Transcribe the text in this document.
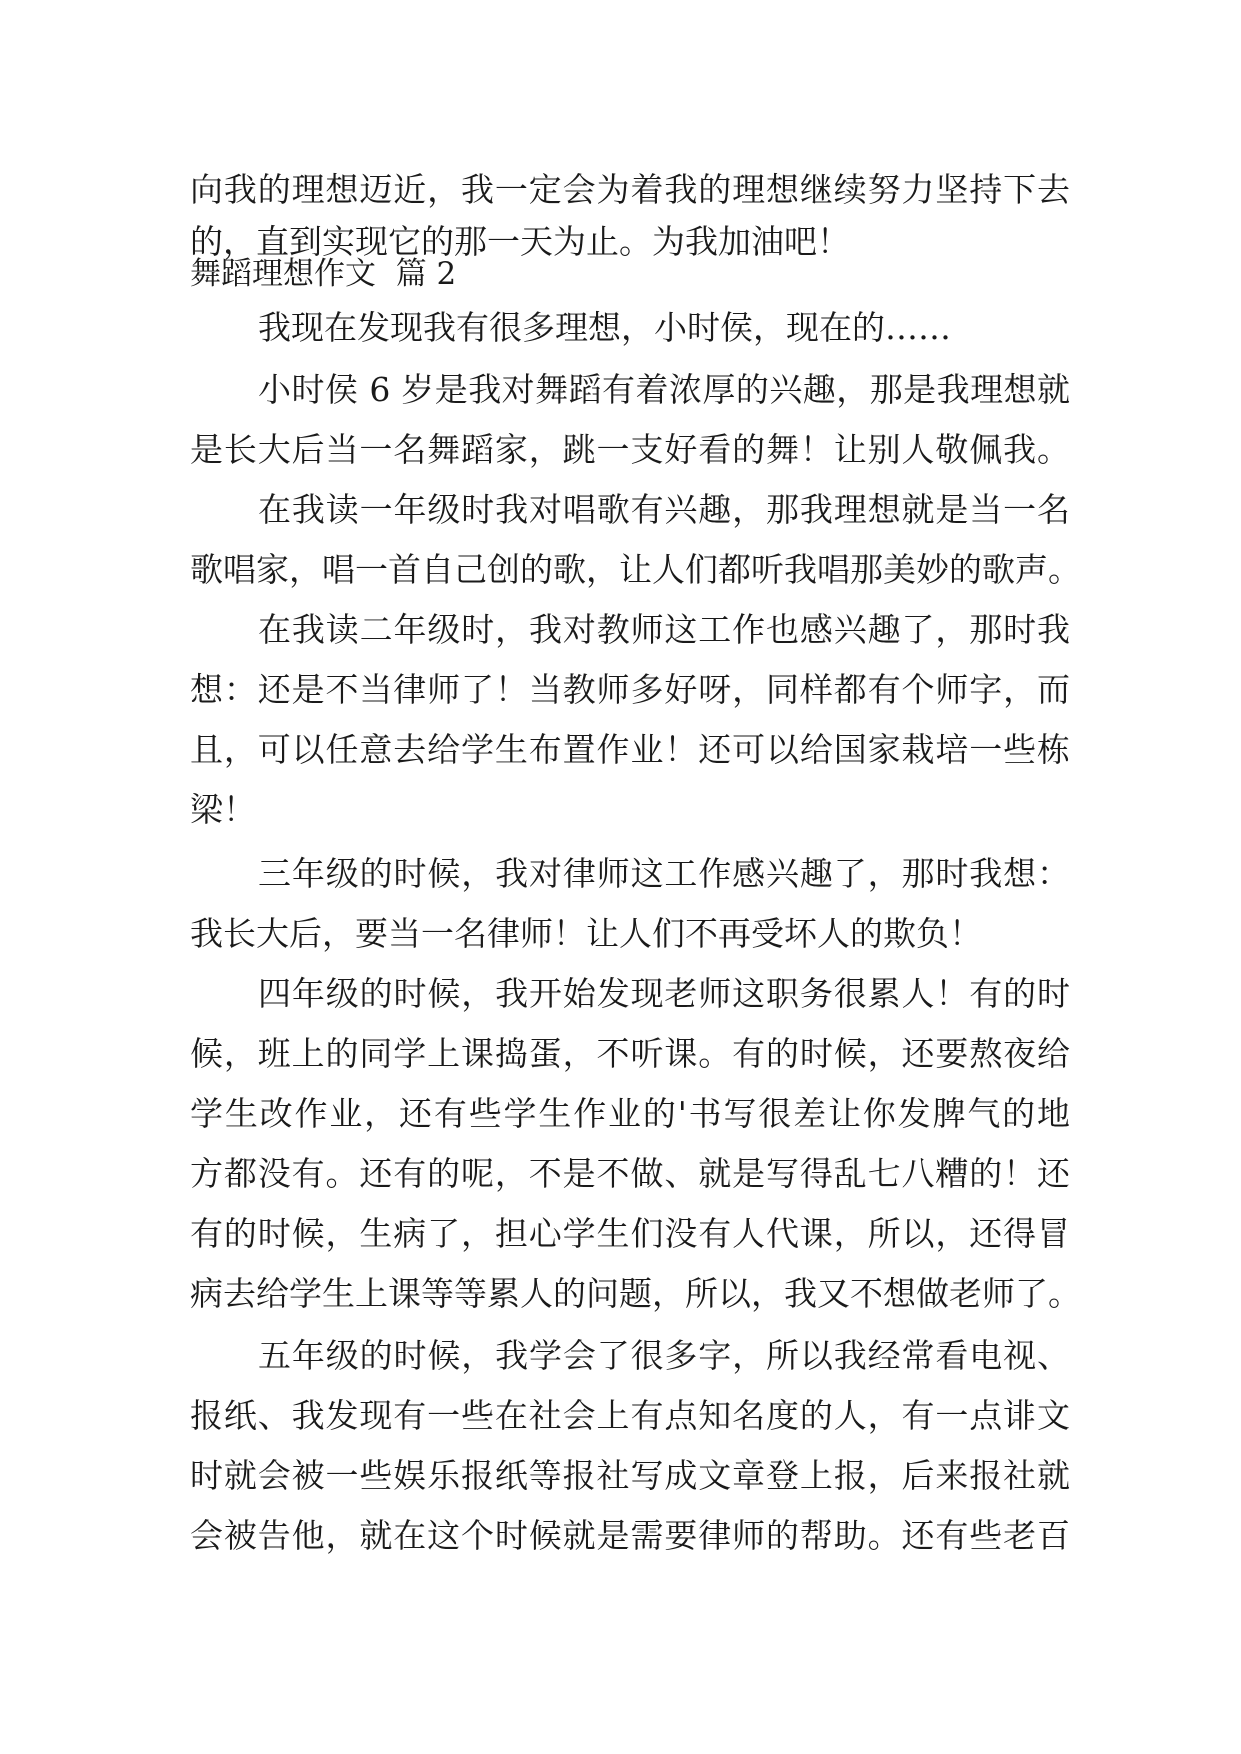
向我的理想迈近，我一定会为着我的理想继续努力坚持下去
的，直到实现它的那一天为止。为我加油吧！
舞蹈理想作文  篇 2
我现在发现我有很多理想，小时侯，现在的……
小时侯 6 岁是我对舞蹈有着浓厚的兴趣，那是我理想就
是长大后当一名舞蹈家，跳一支好看的舞！让别人敬佩我。
在我读一年级时我对唱歌有兴趣，那我理想就是当一名
歌唱家，唱一首自己创的歌，让人们都听我唱那美妙的歌声。
在我读二年级时，我对教师这工作也感兴趣了，那时我
想：还是不当律师了！当教师多好呀，同样都有个师字，而
且，可以任意去给学生布置作业！还可以给国家栽培一些栋
梁！
三年级的时候，我对律师这工作感兴趣了，那时我想：
我长大后，要当一名律师！让人们不再受坏人的欺负！
四年级的时候，我开始发现老师这职务很累人！有的时
候，班上的同学上课捣蛋，不听课。有的时候，还要熬夜给
学生改作业，还有些学生作业的'书写很差让你发脾气的地
方都没有。还有的呢，不是不做、就是写得乱七八糟的！还
有的时候，生病了，担心学生们没有人代课，所以，还得冒
病去给学生上课等等累人的问题，所以，我又不想做老师了。
五年级的时候，我学会了很多字，所以我经常看电视、
报纸、我发现有一些在社会上有点知名度的人，有一点诽文
时就会被一些娱乐报纸等报社写成文章登上报，后来报社就
会被告他，就在这个时候就是需要律师的帮助。还有些老百
